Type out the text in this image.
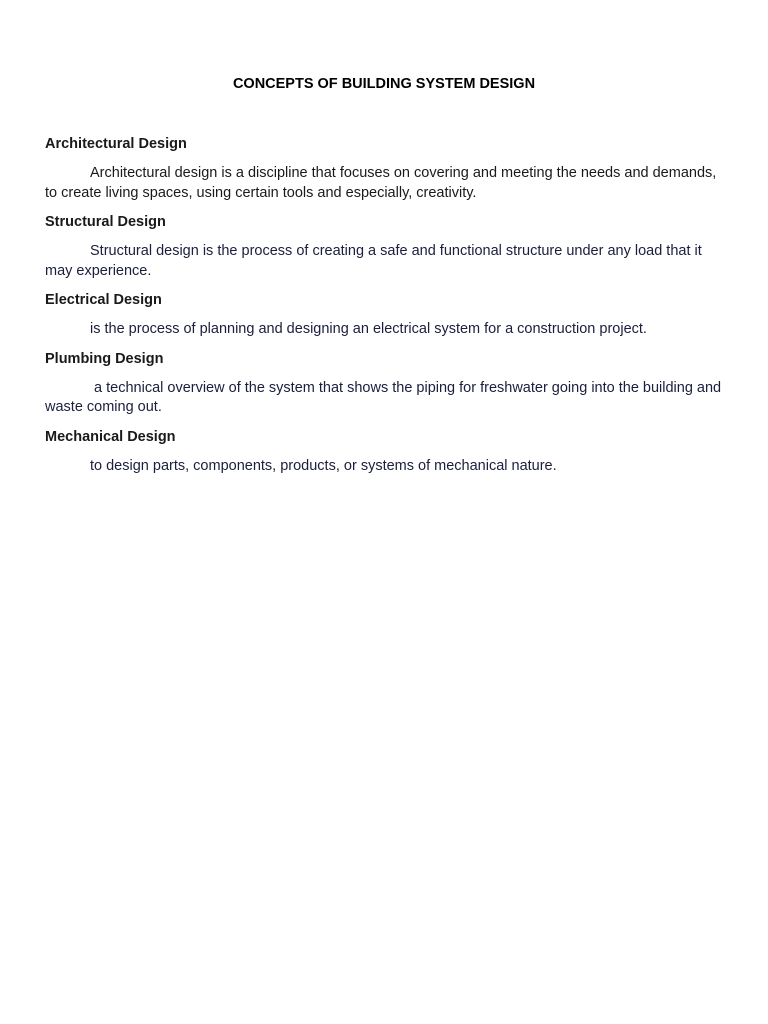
CONCEPTS OF BUILDING SYSTEM DESIGN
Architectural Design

Architectural design is a discipline that focuses on covering and meeting the needs and demands, to create living spaces, using certain tools and especially, creativity.

Structural Design

Structural design is the process of creating a safe and functional structure under any load that it may experience.

Electrical Design

is the process of planning and designing an electrical system for a construction project.

Plumbing Design

a technical overview of the system that shows the piping for freshwater going into the building and waste coming out.

Mechanical Design

to design parts, components, products, or systems of mechanical nature.
